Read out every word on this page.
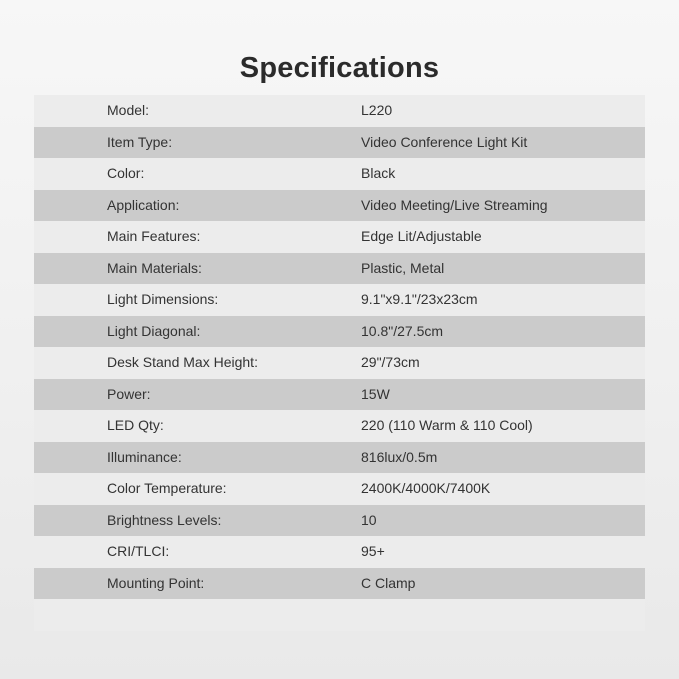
Specifications
Model:	L220
Item Type:	Video Conference Light Kit
Color:	Black
Application:	Video Meeting/Live Streaming
Main Features:	Edge Lit/Adjustable
Main Materials:	Plastic, Metal
Light Dimensions:	9.1"x9.1"/23x23cm
Light Diagonal:	10.8"/27.5cm
Desk Stand Max Height:	29"/73cm
Power:	15W
LED Qty:	220 (110 Warm & 110 Cool)
Illuminance:	816lux/0.5m
Color Temperature:	2400K/4000K/7400K
Brightness Levels:	10
CRI/TLCI:	95+
Mounting Point:	C Clamp
